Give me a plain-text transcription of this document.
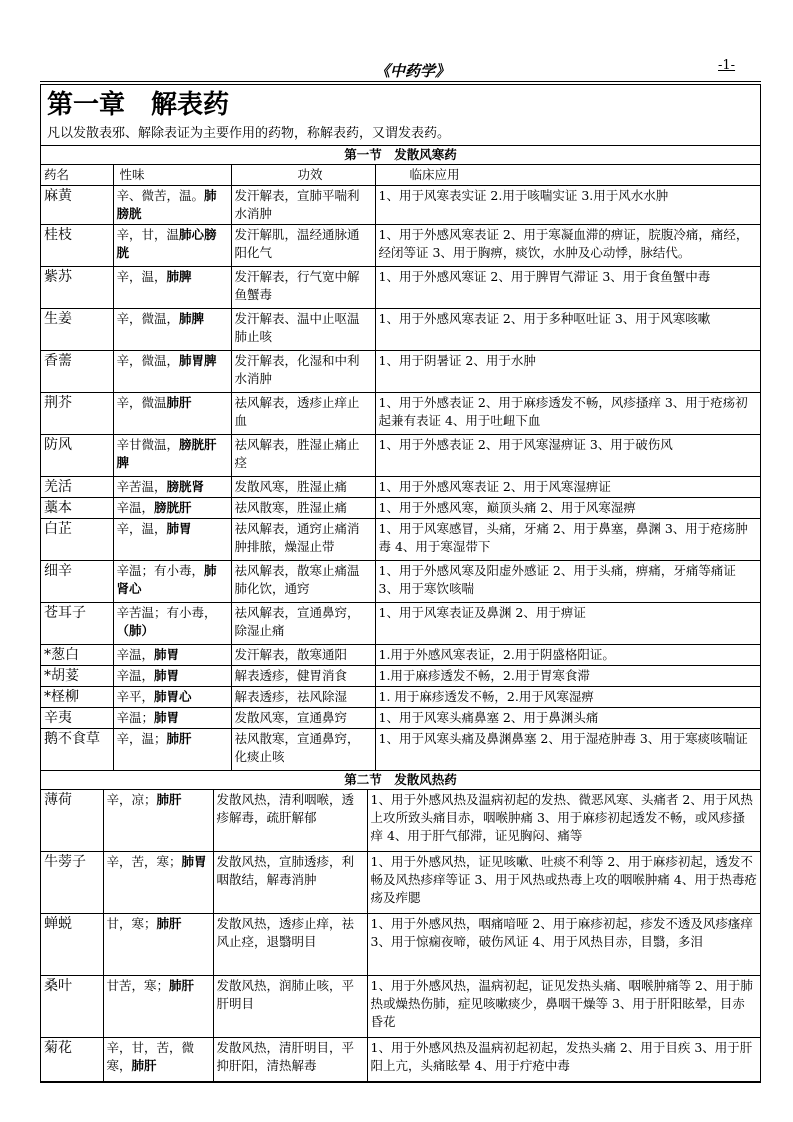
《中药学》	-1-
第一章　解表药
凡以发散表邪、解除表证为主要作用的药物，称解表药，又谓发表药。
第一节　发散风寒药			
药名	性味	功效	临床应用
麻黄	辛、微苦，温。肺膀胱	发汗解表，宣肺平喘利水消肿	1、用于风寒表实证 2.用于咳喘实证 3.用于风水水肿
桂枝	辛，甘，温肺心膀胱	发汗解肌，温经通脉通阳化气	1、用于外感风寒表证 2、用于寒凝血滞的痹证，脘腹冷痛，痛经，经闭等证 3、用于胸痹，痰饮，水肿及心动悸，脉结代。
紫苏	辛，温，肺脾	发汗解表，行气宽中解鱼蟹毒	1、用于外感风寒证 2、用于脾胃气滞证 3、用于食鱼蟹中毒
生姜	辛，微温，肺脾	发汗解表、温中止呕温肺止咳	1、用于外感风寒表证 2、用于多种呕吐证 3、用于风寒咳嗽
香薷	辛，微温，肺胃脾	发汗解表，化湿和中利水消肿	1、用于阴暑证 2、用于水肿
荆芥	辛，微温肺肝	祛风解表，透疹止痒止血	1、用于外感表证 2、用于麻疹透发不畅，风疹搔痒 3、用于疮疡初起兼有表证 4、用于吐衄下血
防风	辛甘微温，膀胱肝脾	祛风解表，胜湿止痛止痉	1、用于外感表证 2、用于风寒湿痹证 3、用于破伤风
羌活	辛苦温，膀胱肾	发散风寒，胜湿止痛	1、用于外感风寒表证 2、用于风寒湿痹证
藁本	辛温，膀胱肝	祛风散寒，胜湿止痛	1、用于外感风寒，巅顶头痛 2、用于风寒湿痹
白芷	辛，温，肺胃	祛风解表，通窍止痛消肿排脓，燥湿止带	1、用于风寒感冒，头痛，牙痛 2、用于鼻塞，鼻渊 3、用于疮疡肿毒 4、用于寒湿带下
细辛	辛温；有小毒，肺肾心	祛风解表，散寒止痛温肺化饮，通窍	1、用于外感风寒及阳虚外感证 2、用于头痛，痹痛，牙痛等痛证 3、用于寒饮咳喘
苍耳子	辛苦温；有小毒，（肺）	祛风解表，宣通鼻窍，除湿止痛	1、用于风寒表证及鼻渊 2、用于痹证
*葱白	辛温，肺胃	发汗解表，散寒通阳	1.用于外感风寒表证，2.用于阴盛格阳证。
*胡荽	辛温，肺胃	解表透疹，健胃消食	1.用于麻疹透发不畅，2.用于胃寒食滞
*柽柳	辛平，肺胃心	解表透疹，祛风除湿	1. 用于麻疹透发不畅，2.用于风寒湿痹
辛夷	辛温；肺胃	发散风寒，宣通鼻窍	1、用于风寒头痛鼻塞 2、用于鼻渊头痛
鹅不食草	辛，温；肺肝	祛风散寒，宣通鼻窍，化痰止咳	1、用于风寒头痛及鼻渊鼻塞 2、用于湿疮肿毒 3、用于寒痰咳喘证
第二节　发散风热药			
薄荷	辛，凉；肺肝	发散风热，清利咽喉，透疹解毒，疏肝解郁	1、用于外感风热及温病初起的发热、微恶风寒、头痛者 2、用于风热上攻所致头痛目赤，咽喉肿痛 3、用于麻疹初起透发不畅，或风疹搔痒 4、用于肝气郁滞，证见胸闷、痛等
牛蒡子	辛，苦，寒；肺胃	发散风热，宣肺透疹，利咽散结，解毒消肿	1、用于外感风热，证见咳嗽、吐痰不利等 2、用于麻疹初起，透发不畅及风热疹痒等证 3、用于风热或热毒上攻的咽喉肿痛 4、用于热毒疮疡及痄腮
蝉蜕	甘，寒；肺肝	发散风热，透疹止痒，祛风止痉，退翳明目	1、用于外感风热，咽痛喑哑 2、用于麻疹初起，疹发不透及风疹瘙痒 3、用于惊痫夜啼，破伤风证 4、用于风热目赤，目翳，多泪
桑叶	甘苦，寒；肺肝	发散风热，润肺止咳，平肝明目	1、用于外感风热，温病初起，证见发热头痛、咽喉肿痛等 2、用于肺热或燥热伤肺，症见咳嗽痰少，鼻咽干燥等 3、用于肝阳眩晕，目赤昏花
菊花	辛，甘，苦，微寒，肺肝	发散风热，清肝明目，平抑肝阳，清热解毒	1、用于外感风热及温病初起初起，发热头痛 2、用于目疾 3、用于肝阳上亢，头痛眩晕 4、用于疔疮中毒
